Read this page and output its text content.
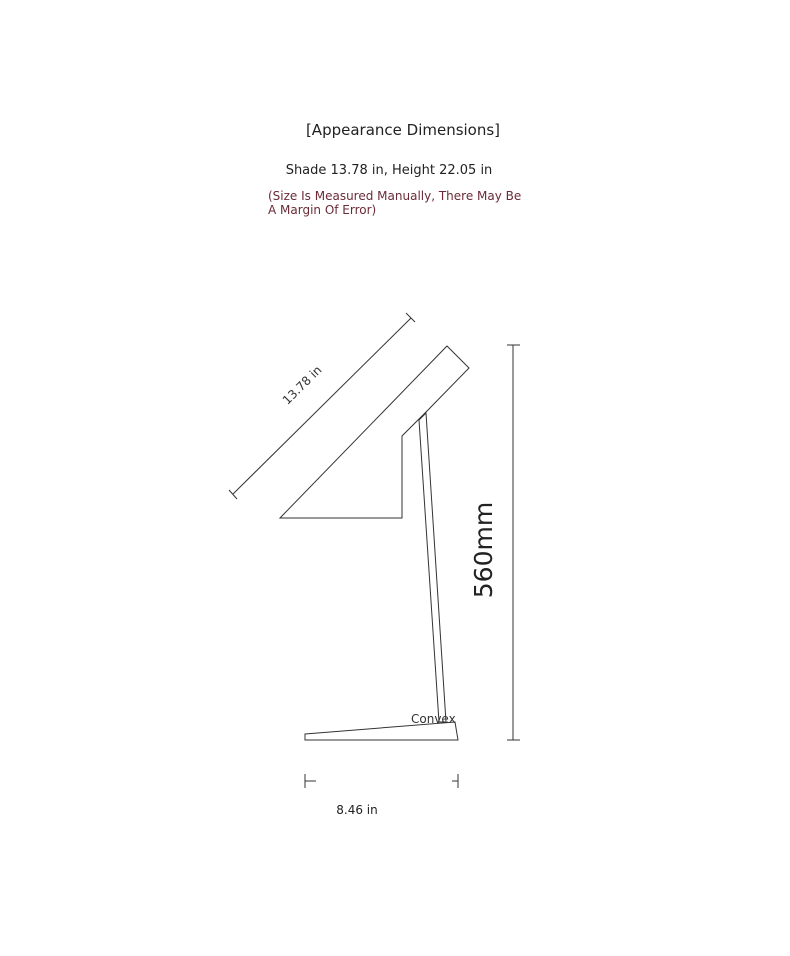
[Appearance Dimensions]
Shade 13.78 in, Height 22.05 in
(Size Is Measured Manually, There May Be A Margin Of Error)
13.78 in
560mm
8.46 in
Convex
